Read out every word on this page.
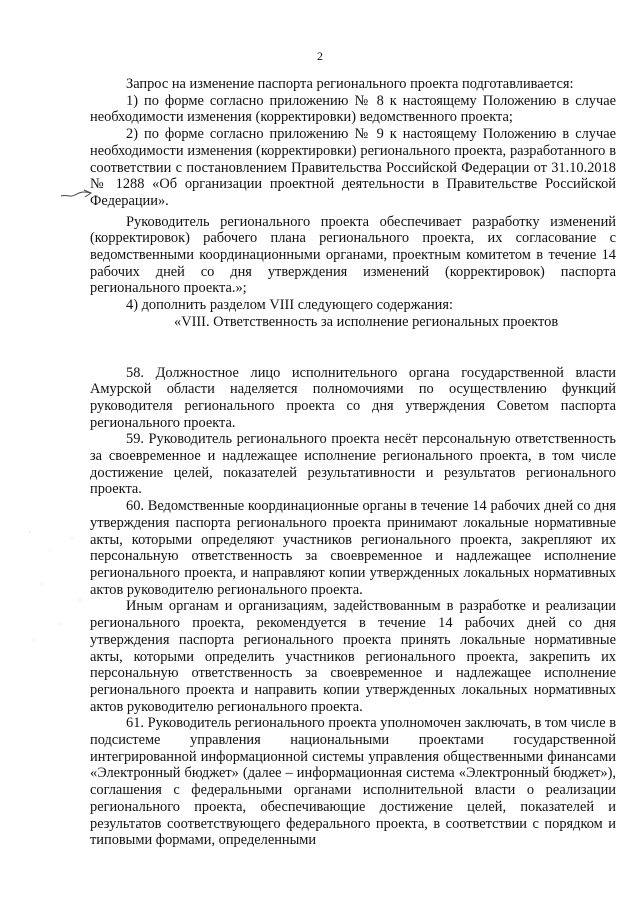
2

Запрос на изменение паспорта регионального проекта подготавливается:

1) по форме согласно приложению № 8 к настоящему Положению в случае необходимости изменения (корректировки) ведомственного проекта;

2) по форме согласно приложению № 9 к настоящему Положению в случае необходимости изменения (корректировки) регионального проекта, разработанного в соответствии с постановлением Правительства Российской Федерации от 31.10.2018 № 1288 «Об организации проектной деятельности в Правительстве Российской Федерации».

Руководитель регионального проекта обеспечивает разработку изменений (корректировок) рабочего плана регионального проекта, их согласование с ведомственными координационными органами, проектным комитетом в течение 14 рабочих дней со дня утверждения изменений (корректировок) паспорта регионального проекта.»;

4) дополнить разделом VIII следующего содержания:

«VIII. Ответственность за исполнение региональных проектов

58. Должностное лицо исполнительного органа государственной власти Амурской области наделяется полномочиями по осуществлению функций руководителя регионального проекта со дня утверждения Советом паспорта регионального проекта.

59. Руководитель регионального проекта несёт персональную ответственность за своевременное и надлежащее исполнение регионального проекта, в том числе достижение целей, показателей результативности и результатов регионального проекта.

60. Ведомственные координационные органы в течение 14 рабочих дней со дня утверждения паспорта регионального проекта принимают локальные нормативные акты, которыми определяют участников регионального проекта, закрепляют их персональную ответственность за своевременное и надлежащее исполнение регионального проекта, и направляют копии утвержденных локальных нормативных актов руководителю регионального проекта.

Иным органам и организациям, задействованным в разработке и реализации регионального проекта, рекомендуется в течение 14 рабочих дней со дня утверждения паспорта регионального проекта принять локальные нормативные акты, которыми определить участников регионального проекта, закрепить их персональную ответственность за своевременное и надлежащее исполнение регионального проекта и направить копии утвержденных локальных нормативных актов руководителю регионального проекта.

61. Руководитель регионального проекта уполномочен заключать, в том числе в подсистеме управления национальными проектами государственной интегрированной информационной системы управления общественными финансами «Электронный бюджет» (далее – информационная система «Электронный бюджет»), соглашения с федеральными органами исполнительной власти о реализации регионального проекта, обеспечивающие достижение целей, показателей и результатов соответствующего федерального проекта, в соответствии с порядком и типовыми формами, определенными
